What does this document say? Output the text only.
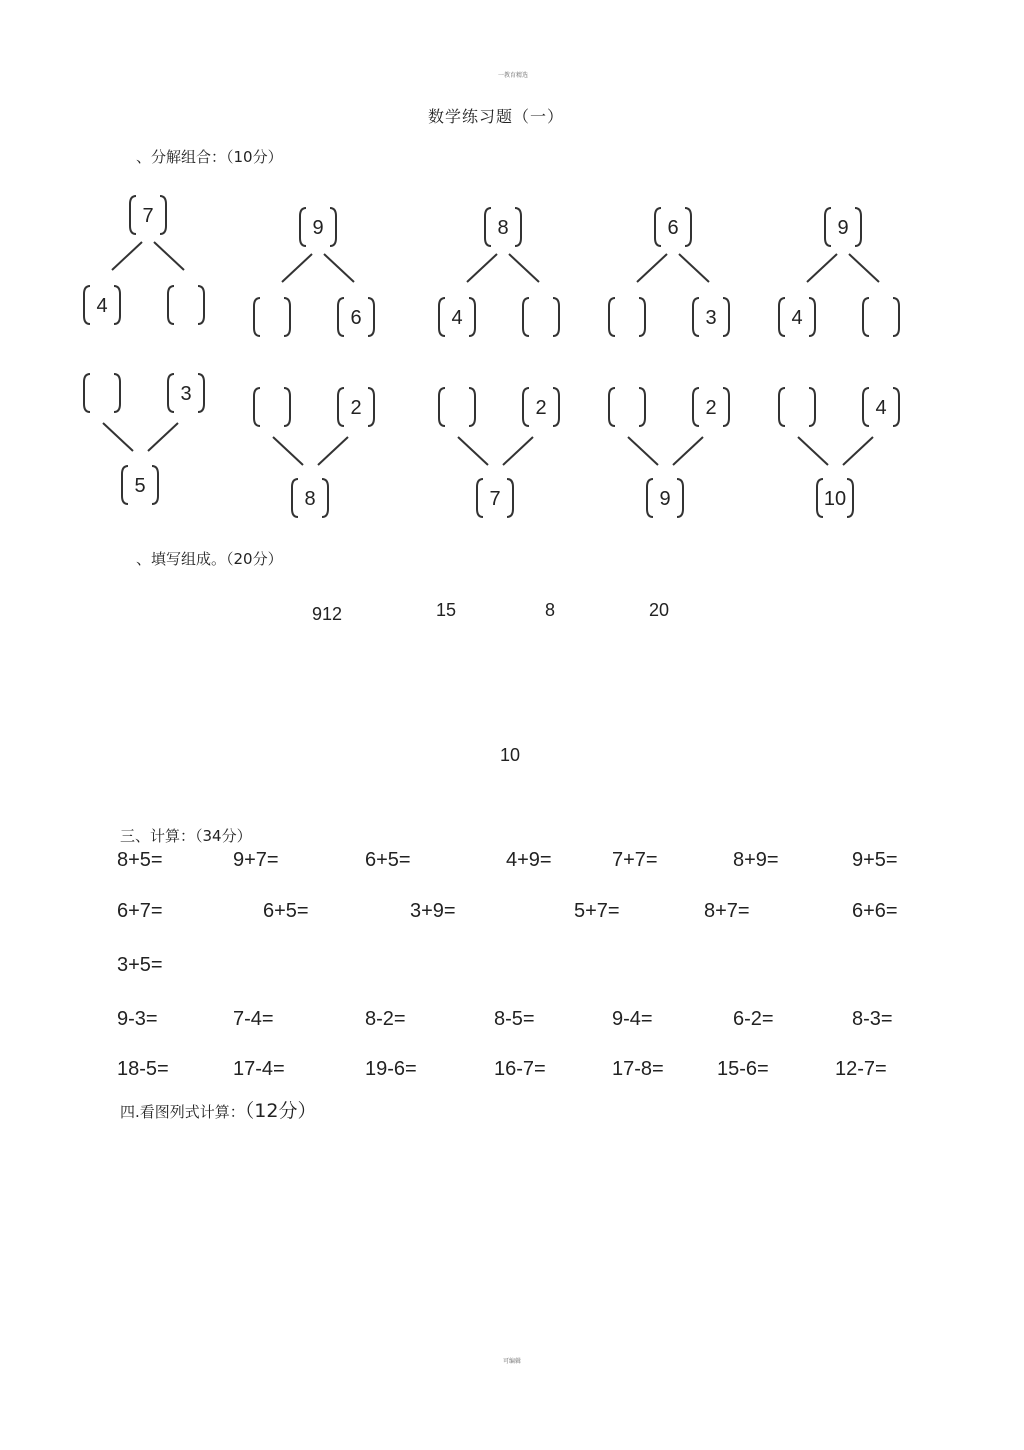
一教育精选
数学练习题（一）
、分解组合：（10分）
7
4
9
6
8
4
6
3
9
4
3
5
2
8
2
7
2
9
4
10
、填写组成。（20分）
912	15	8	20
10
三、计算：（34分）
8+5=	9+7=	6+5=	4+9=	7+7=	8+9=	9+5=
6+7=	6+5=	3+9=	5+7=	8+7=	6+6=
3+5=
9-3=	7-4=	8-2=	8-5=	9-4=	6-2=	8-3=
18-5=	17-4=	19-6=	16-7=	17-8=	15-6=	12-7=
四.看图列式计算：（12分）
可编辑
